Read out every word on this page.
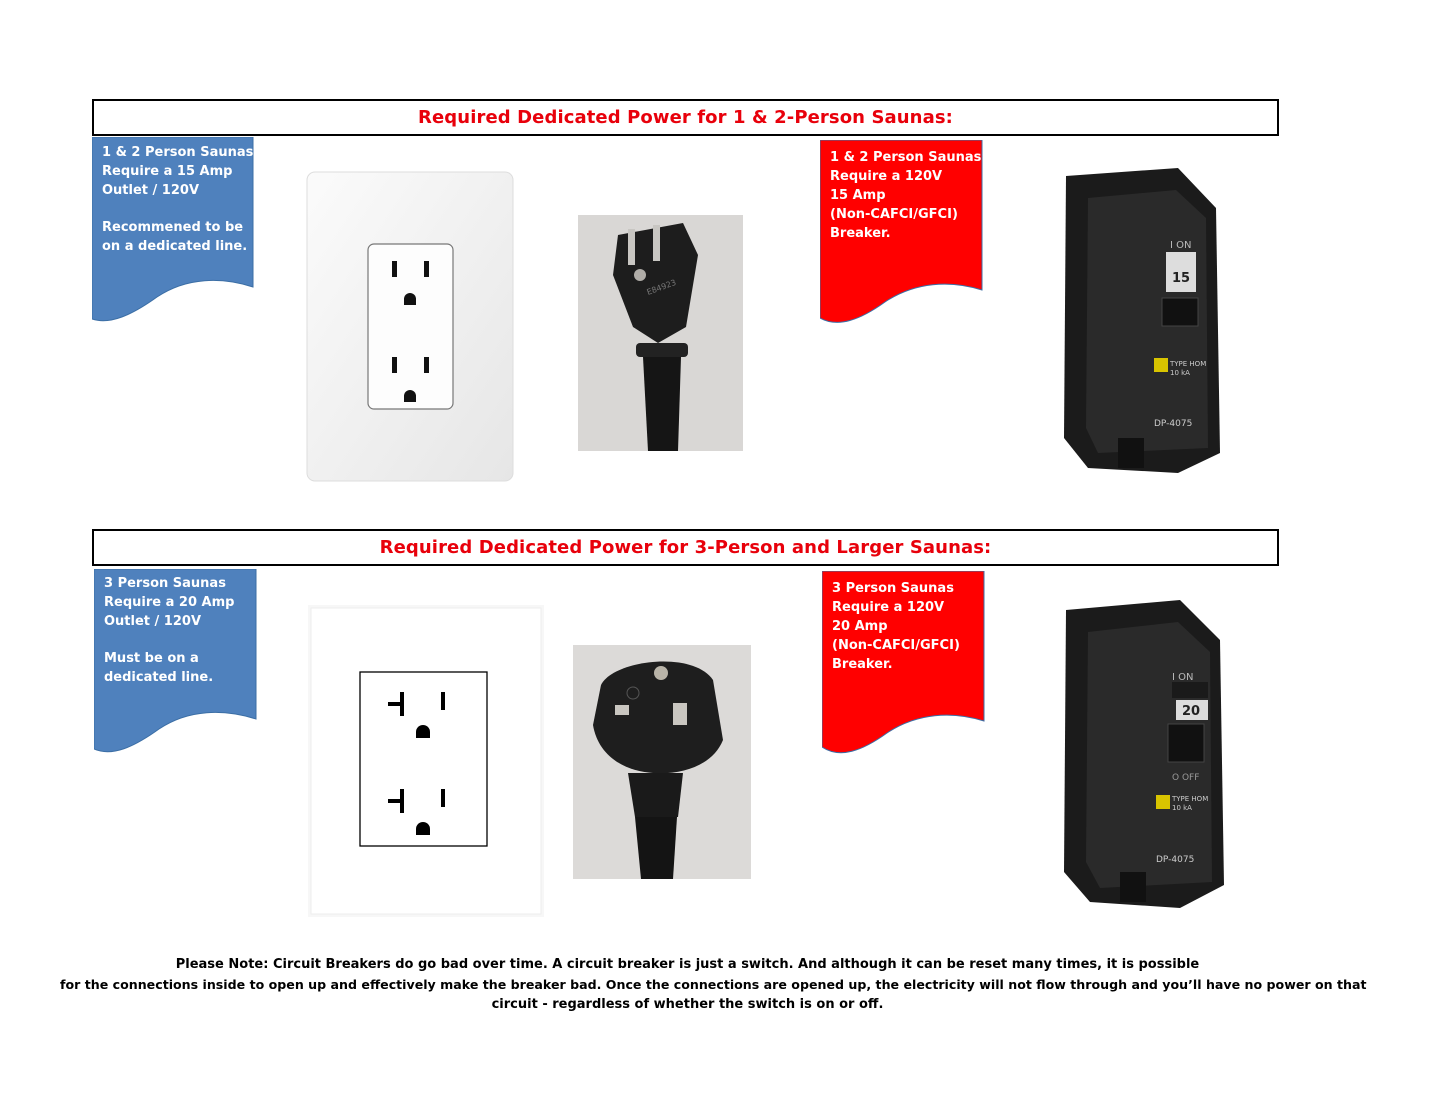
Required Dedicated Power for 1 & 2-Person Saunas:
1 & 2 Person Saunas
Require a 15 Amp
Outlet / 120V
Recommened to be
on a dedicated line.
E84923
1 & 2 Person Saunas
Require a 120V
15 Amp
(Non-CAFCI/GFCI)
Breaker.
15
I ON
TYPE HOM
10 kA
DP-4075
Required Dedicated Power for 3-Person and Larger Saunas:
3 Person Saunas
Require a 20 Amp
Outlet / 120V
Must be on a
dedicated line.
3 Person Saunas
Require a 120V
20 Amp
(Non-CAFCI/GFCI)
Breaker.
I ON
20
O OFF
TYPE HOM
10 kA
DP-4075
Please Note: Circuit Breakers do go bad over time. A circuit breaker is just a switch. And although it can be reset many times, it is possible
for the connections inside to open up and effectively make the breaker bad. Once the connections are opened up, the electricity will not flow through and you’ll have no power on that
circuit - regardless of whether the switch is on or off.
